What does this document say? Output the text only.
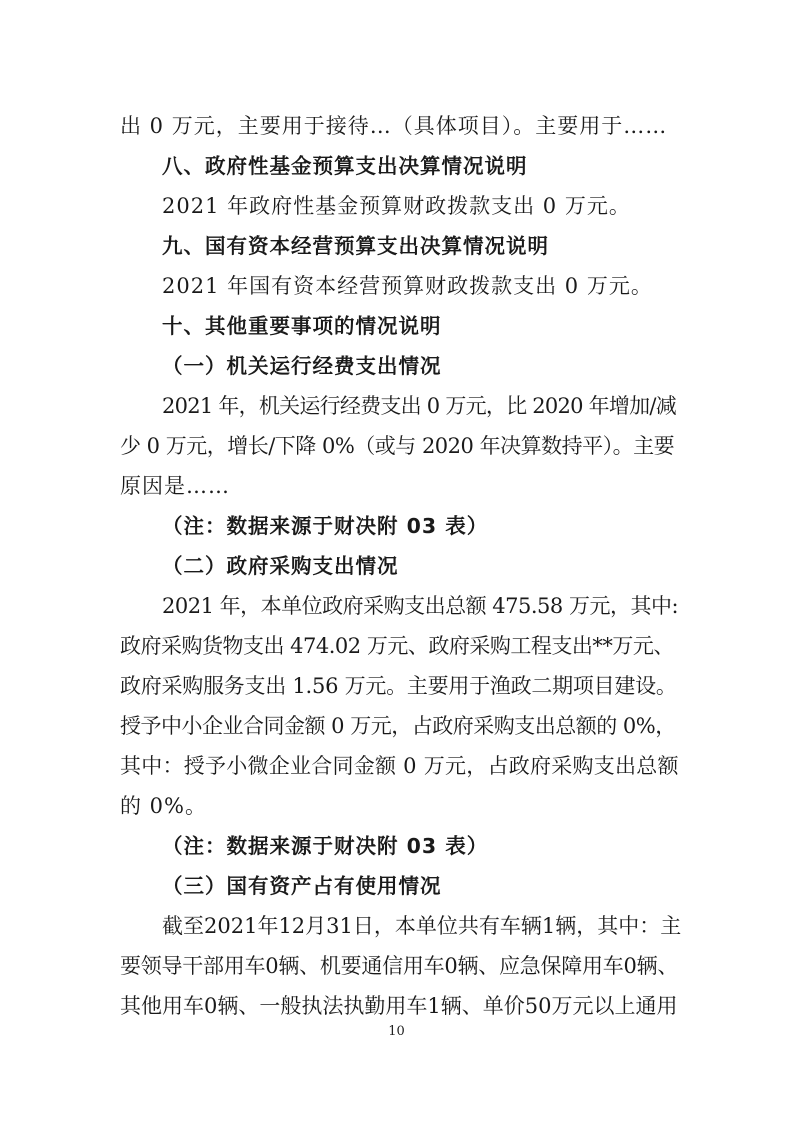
出 0 万元，主要用于接待…（具体项目）。主要用于……
八、政府性基金预算支出决算情况说明
2021 年政府性基金预算财政拨款支出 0 万元。
九、国有资本经营预算支出决算情况说明
2021 年国有资本经营预算财政拨款支出 0 万元。
十、其他重要事项的情况说明
（一）机关运行经费支出情况
2021 年，机关运行经费支出 0 万元，比 2020 年增加/减
少 0 万元，增长/下降 0%（或与 2020 年决算数持平）。主要
原因是……
（注：数据来源于财决附 03 表）
（二）政府采购支出情况
2021 年，本单位政府采购支出总额 475.58 万元，其中:
政府采购货物支出 474.02 万元、政府采购工程支出**万元、
政府采购服务支出 1.56 万元。主要用于渔政二期项目建设。
授予中小企业合同金额 0 万元，占政府采购支出总额的 0%，
其中：授予小微企业合同金额 0 万元，占政府采购支出总额
的 0%。
（注：数据来源于财决附 03 表）
（三）国有资产占有使用情况
截至2021年12月31日，本单位共有车辆1辆，其中：主
要领导干部用车0辆、机要通信用车0辆、应急保障用车0辆、
其他用车0辆、一般执法执勤用车1辆、单价50万元以上通用
10
